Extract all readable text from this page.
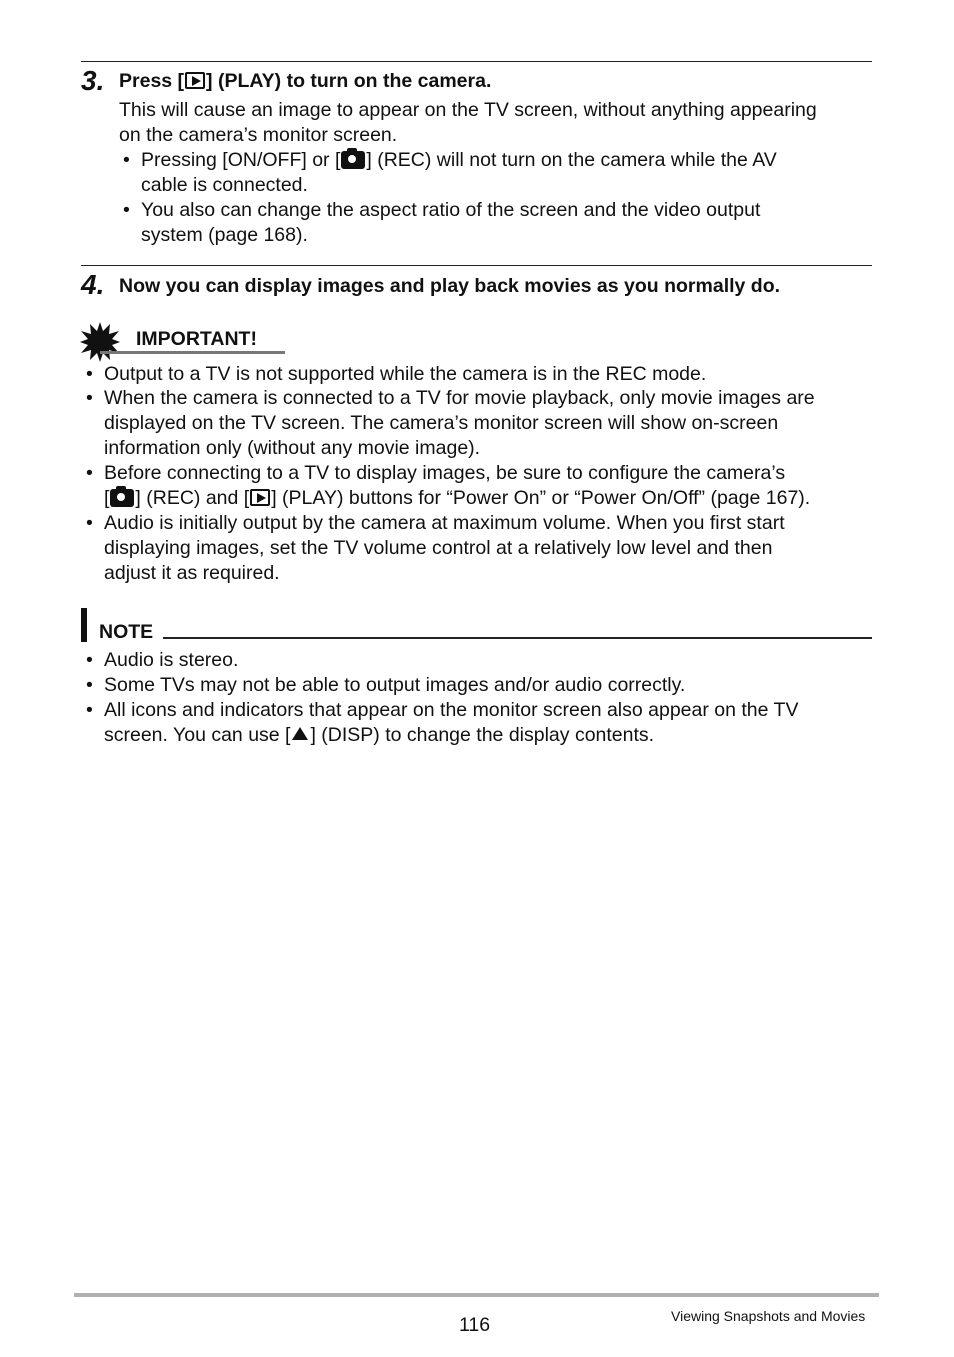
3. Press [ ] (PLAY) to turn on the camera.
This will cause an image to appear on the TV screen, without anything appearing
on the camera’s monitor screen.
• Pressing [ON/OFF] or [ ] (REC) will not turn on the camera while the AV
cable is connected.
• You also can change the aspect ratio of the screen and the video output
system (page 168).
4. Now you can display images and play back movies as you normally do.
IMPORTANT!
• Output to a TV is not supported while the camera is in the REC mode.
• When the camera is connected to a TV for movie playback, only movie images are
displayed on the TV screen. The camera’s monitor screen will show on-screen
information only (without any movie image).
• Before connecting to a TV to display images, be sure to configure the camera’s
[ ] (REC) and [ ] (PLAY) buttons for “Power On” or “Power On/Off” (page 167).
• Audio is initially output by the camera at maximum volume. When you first start
displaying images, set the TV volume control at a relatively low level and then
adjust it as required.
NOTE
• Audio is stereo.
• Some TVs may not be able to output images and/or audio correctly.
• All icons and indicators that appear on the monitor screen also appear on the TV
screen. You can use [ ] (DISP) to change the display contents.
116	Viewing Snapshots and Movies
